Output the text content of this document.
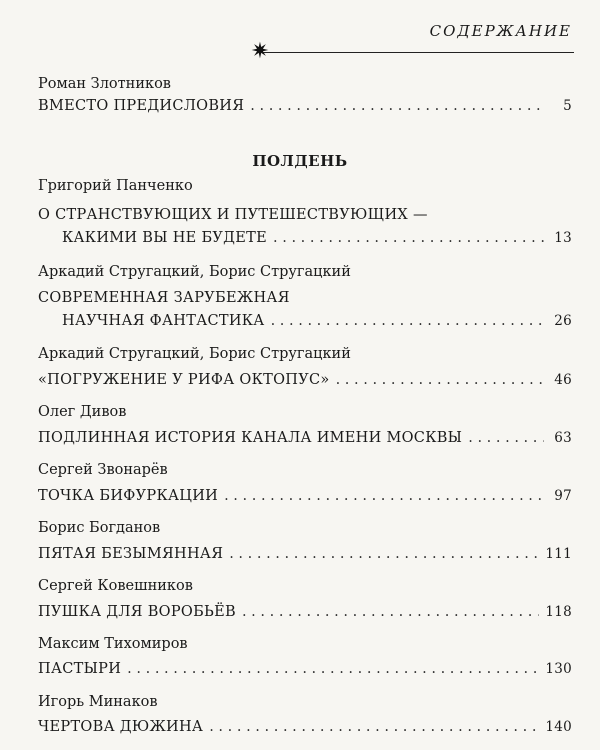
СОДЕРЖАНИЕ
✷
Роман Злотников
ВМЕСТО ПРЕДИСЛОВИЯ . . .	5
ПОЛДЕНЬ
Григорий Панченко
О СТРАНСТВУЮЩИХ И ПУТЕШЕСТВУЮЩИХ —
КАКИМИ ВЫ НЕ БУДЕТЕ . . .	13
Аркадий Стругацкий, Борис Стругацкий
СОВРЕМЕННАЯ ЗАРУБЕЖНАЯ
НАУЧНАЯ ФАНТАСТИКА . . .	26
Аркадий Стругацкий, Борис Стругацкий
«ПОГРУЖЕНИЕ У РИФА ОКТОПУС» . . .	46
Олег Дивов
ПОДЛИННАЯ ИСТОРИЯ КАНАЛА ИМЕНИ МОСКВЫ . . .	63
Сергей Звонарёв
ТОЧКА БИФУРКАЦИИ . . .	97
Борис Богданов
ПЯТАЯ БЕЗЫМЯННАЯ . . .	111
Сергей Ковешников
ПУШКА ДЛЯ ВОРОБЬЁВ . . .	118
Максим Тихомиров
ПАСТЫРИ . . .	130
Игорь Минаков
ЧЕРТОВА ДЮЖИНА . . .	140
